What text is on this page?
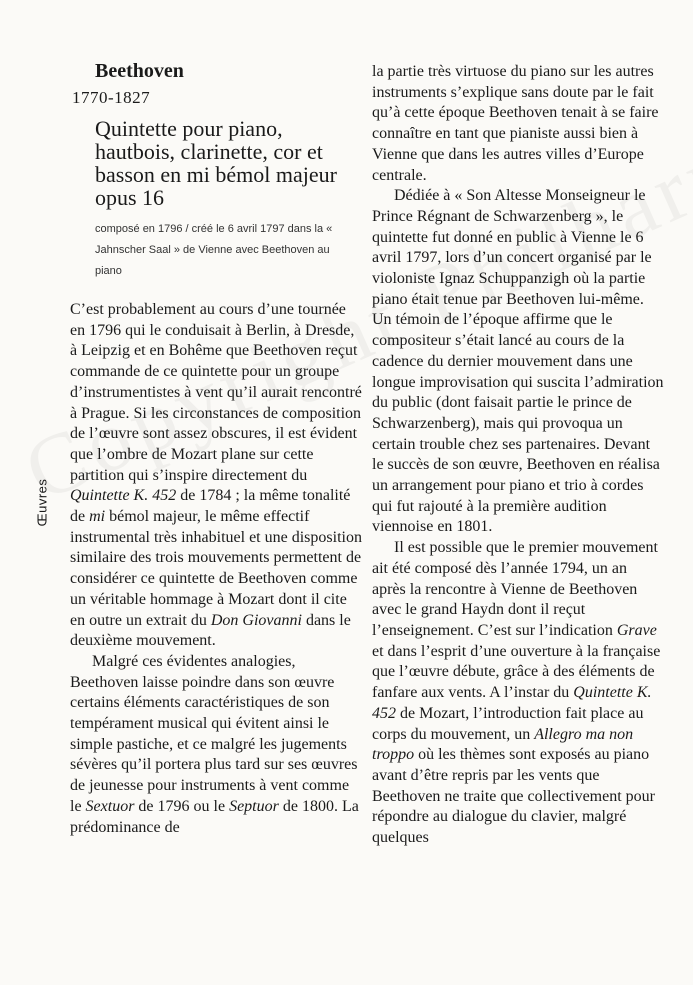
Œuvres
Beethoven
1770-1827
Quintette pour piano, hautbois, clarinette, cor et basson en mi bémol majeur opus 16
composé en 1796 / créé le 6 avril 1797 dans la « Jahnscher Saal » de Vienne avec Beethoven au piano

C’est probablement au cours d’une tournée en 1796 qui le conduisait à Berlin, à Dresde, à Leipzig et en Bohême que Beethoven reçut commande de ce quintette pour un groupe d’instrumentistes à vent qu’il aurait rencontré à Prague. Si les circonstances de composition de l’œuvre sont assez obscures, il est évident que l’ombre de Mozart plane sur cette partition qui s’inspire directement du Quintette K. 452 de 1784 ; la même tonalité de mi bémol majeur, le même effectif instrumental très inhabituel et une disposition similaire des trois mouvements permettent de considérer ce quintette de Beethoven comme un véritable hommage à Mozart dont il cite en outre un extrait du Don Giovanni dans le deuxième mouvement.

Malgré ces évidentes analogies, Beethoven laisse poindre dans son œuvre certains éléments caractéristiques de son tempérament musical qui évitent ainsi le simple pastiche, et ce malgré les jugements sévères qu’il portera plus tard sur ses œuvres de jeunesse pour instruments à vent comme le Sextuor de 1796 ou le Septuor de 1800. La prédominance de

la partie très virtuose du piano sur les autres instruments s’explique sans doute par le fait qu’à cette époque Beethoven tenait à se faire connaître en tant que pianiste aussi bien à Vienne que dans les autres villes d’Europe centrale.

Dédiée à « Son Altesse Monseigneur le Prince Régnant de Schwarzenberg », le quintette fut donné en public à Vienne le 6 avril 1797, lors d’un concert organisé par le violoniste Ignaz Schuppanzigh où la partie piano était tenue par Beethoven lui-même. Un témoin de l’époque affirme que le compositeur s’était lancé au cours de la cadence du dernier mouvement dans une longue improvisation qui suscita l’admiration du public (dont faisait partie le prince de Schwarzenberg), mais qui provoqua un certain trouble chez ses partenaires. Devant le succès de son œuvre, Beethoven en réalisa un arrangement pour piano et trio à cordes qui fut rajouté à la première audition viennoise en 1801.

Il est possible que le premier mouvement ait été composé dès l’année 1794, un an après la rencontre à Vienne de Beethoven avec le grand Haydn dont il reçut l’enseignement. C’est sur l’indication Grave et dans l’esprit d’une ouverture à la française que l’œuvre débute, grâce à des éléments de fanfare aux vents. A l’instar du Quintette K. 452 de Mozart, l’introduction fait place au corps du mouvement, un Allegro ma non troppo où les thèmes sont exposés au piano avant d’être repris par les vents que Beethoven ne traite que collectivement pour répondre au dialogue du clavier, malgré quelques
